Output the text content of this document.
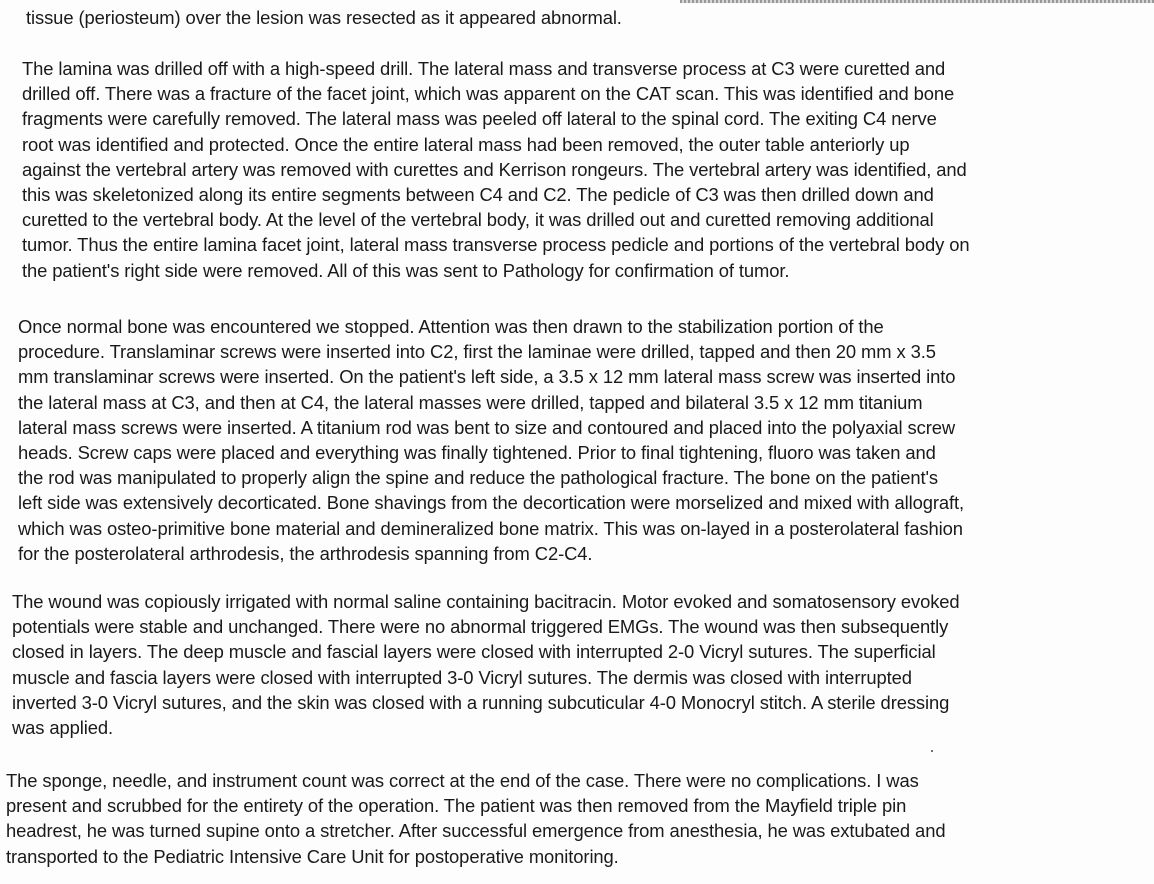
tissue (periosteum) over the lesion was resected as it appeared abnormal.

The lamina was drilled off with a high-speed drill. The lateral mass and transverse process at C3 were curetted and
drilled off. There was a fracture of the facet joint, which was apparent on the CAT scan. This was identified and bone
fragments were carefully removed. The lateral mass was peeled off lateral to the spinal cord. The exiting C4 nerve
root was identified and protected. Once the entire lateral mass had been removed, the outer table anteriorly up
against the vertebral artery was removed with curettes and Kerrison rongeurs. The vertebral artery was identified, and
this was skeletonized along its entire segments between C4 and C2. The pedicle of C3 was then drilled down and
curetted to the vertebral body. At the level of the vertebral body, it was drilled out and curetted removing additional
tumor. Thus the entire lamina facet joint, lateral mass transverse process pedicle and portions of the vertebral body on
the patient's right side were removed. All of this was sent to Pathology for confirmation of tumor.

Once normal bone was encountered we stopped. Attention was then drawn to the stabilization portion of the
procedure. Translaminar screws were inserted into C2, first the laminae were drilled, tapped and then 20 mm x 3.5
mm translaminar screws were inserted. On the patient's left side, a 3.5 x 12 mm lateral mass screw was inserted into
the lateral mass at C3, and then at C4, the lateral masses were drilled, tapped and bilateral 3.5 x 12 mm titanium
lateral mass screws were inserted. A titanium rod was bent to size and contoured and placed into the polyaxial screw
heads. Screw caps were placed and everything was finally tightened. Prior to final tightening, fluoro was taken and
the rod was manipulated to properly align the spine and reduce the pathological fracture. The bone on the patient's
left side was extensively decorticated. Bone shavings from the decortication were morselized and mixed with allograft,
which was osteo-primitive bone material and demineralized bone matrix. This was on-layed in a posterolateral fashion
for the posterolateral arthrodesis, the arthrodesis spanning from C2-C4.

The wound was copiously irrigated with normal saline containing bacitracin. Motor evoked and somatosensory evoked
potentials were stable and unchanged. There were no abnormal triggered EMGs. The wound was then subsequently
closed in layers. The deep muscle and fascial layers were closed with interrupted 2-0 Vicryl sutures. The superficial
muscle and fascia layers were closed with interrupted 3-0 Vicryl sutures. The dermis was closed with interrupted
inverted 3-0 Vicryl sutures, and the skin was closed with a running subcuticular 4-0 Monocryl stitch. A sterile dressing
was applied.

The sponge, needle, and instrument count was correct at the end of the case. There were no complications. I was
present and scrubbed for the entirety of the operation. The patient was then removed from the Mayfield triple pin
headrest, he was turned supine onto a stretcher. After successful emergence from anesthesia, he was extubated and
transported to the Pediatric Intensive Care Unit for postoperative monitoring.
